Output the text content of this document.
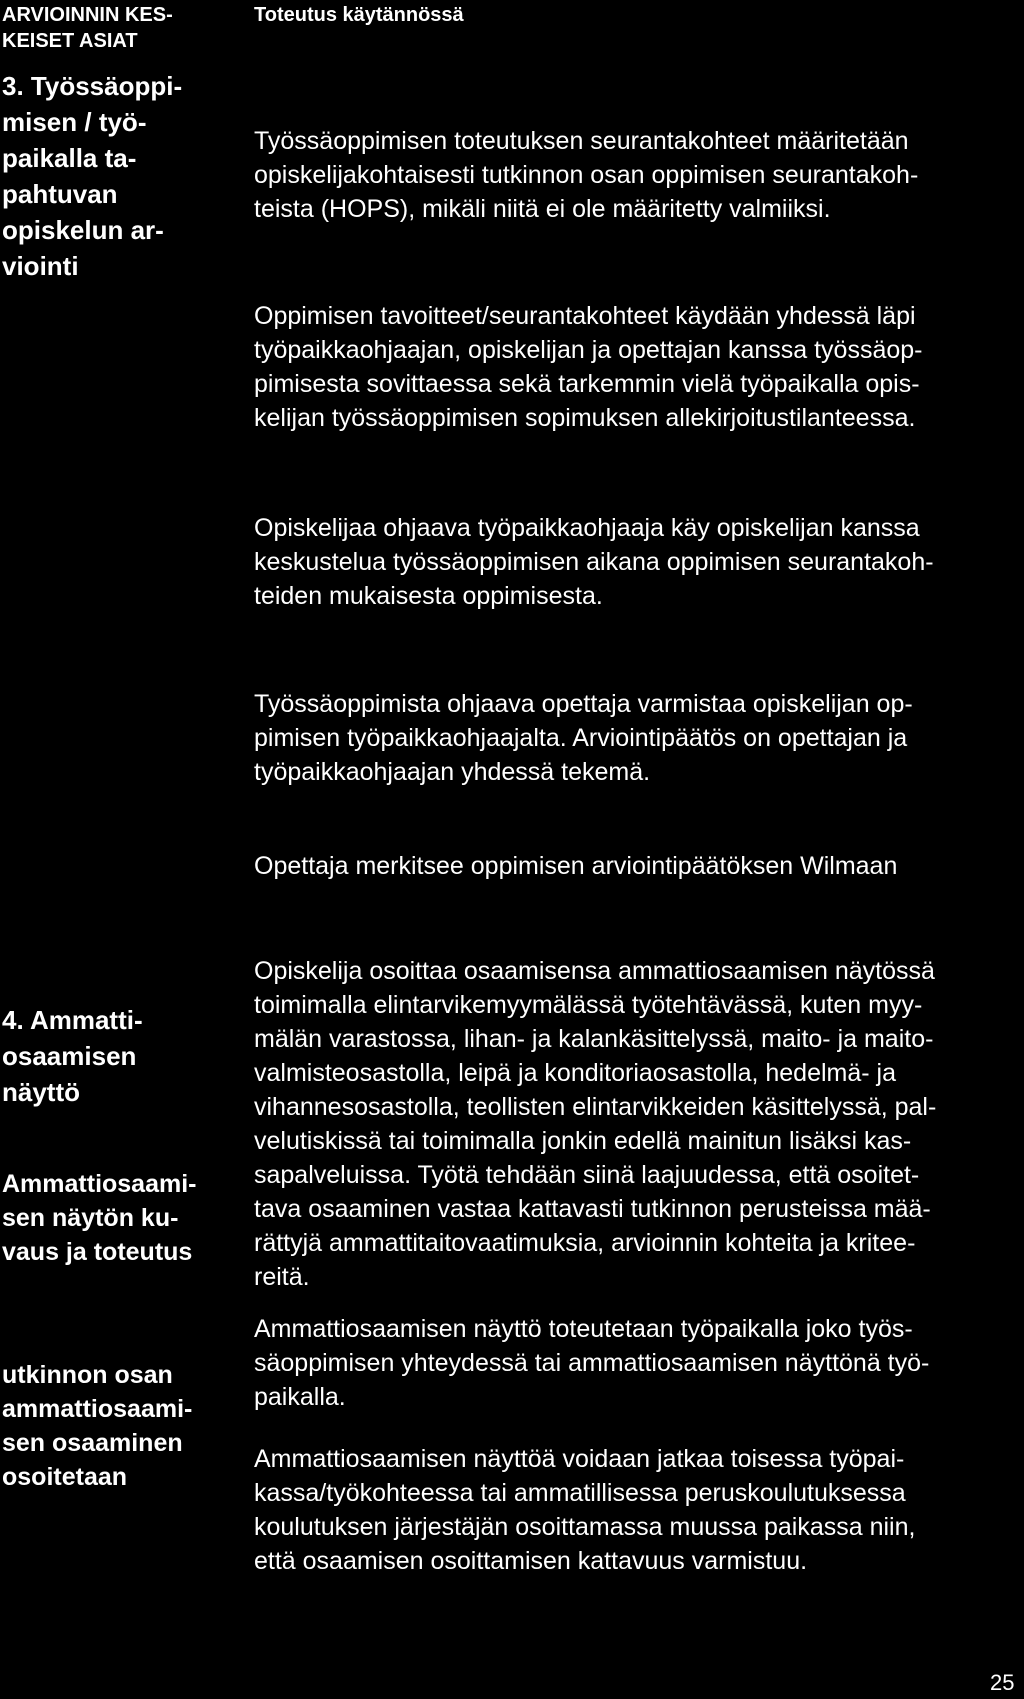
ARVIOINNIN KES-
KEISET ASIAT
Toteutus käytännössä
3. Työssäoppi-
misen / työ-
paikalla ta-
pahtuvan
opiskelun ar-
viointi
Työssäoppimisen toteutuksen seurantakohteet määritetään
opiskelijakohtaisesti tutkinnon osan oppimisen seurantakoh-
teista (HOPS), mikäli niitä ei ole määritetty valmiiksi.
Oppimisen tavoitteet/seurantakohteet käydään yhdessä läpi
työpaikkaohjaajan, opiskelijan ja opettajan kanssa työssäop-
pimisesta sovittaessa sekä tarkemmin vielä työpaikalla opis-
kelijan työssäoppimisen sopimuksen allekirjoitustilanteessa.
Opiskelijaa ohjaava työpaikkaohjaaja käy opiskelijan kanssa
keskustelua työssäoppimisen aikana oppimisen seurantakoh-
teiden mukaisesta oppimisesta.
Työssäoppimista ohjaava opettaja varmistaa opiskelijan op-
pimisen työpaikkaohjaajalta. Arviointipäätös on opettajan ja
työpaikkaohjaajan yhdessä tekemä.
Opettaja merkitsee oppimisen arviointipäätöksen Wilmaan
4. Ammatti-
osaamisen
näyttö
Ammattiosaami-
sen näytön ku-
vaus ja toteutus
utkinnon osan
ammattiosaami-
sen osaaminen
osoitetaan
Opiskelija osoittaa osaamisensa ammattiosaamisen näytössä
toimimalla elintarvikemyymälässä työtehtävässä, kuten myy-
mälän varastossa, lihan- ja kalankäsittelyssä, maito- ja maito-
valmisteosastolla, leipä ja konditoriaosastolla, hedelmä- ja
vihannesosastolla, teollisten elintarvikkeiden käsittelyssä, pal-
velutiskissä tai toimimalla jonkin edellä mainitun lisäksi kas-
sapalveluissa. Työtä tehdään siinä laajuudessa, että osoitet-
tava osaaminen vastaa kattavasti tutkinnon perusteissa mää-
rättyjä ammattitaitovaatimuksia, arvioinnin kohteita ja kritee-
reitä.
Ammattiosaamisen näyttö toteutetaan työpaikalla joko työs-
säoppimisen yhteydessä tai ammattiosaamisen näyttönä työ-
paikalla.
Ammattiosaamisen näyttöä voidaan jatkaa toisessa työpai-
kassa/työkohteessa tai ammatillisessa peruskoulutuksessa
koulutuksen järjestäjän osoittamassa muussa paikassa niin,
että osaamisen osoittamisen kattavuus varmistuu.
25
